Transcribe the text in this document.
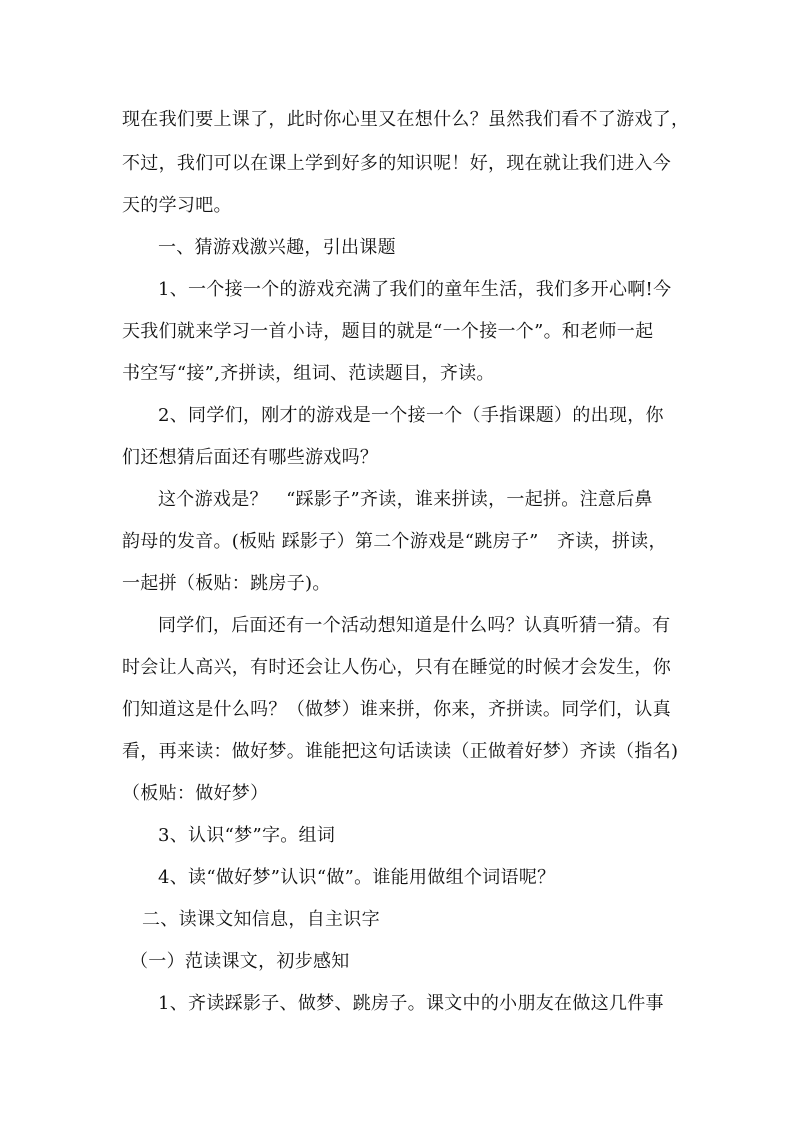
现在我们要上课了，此时你心里又在想什么？虽然我们看不了游戏了，
不过，我们可以在课上学到好多的知识呢！好，现在就让我们进入今
天的学习吧。
一、猜游戏激兴趣，引出课题
1、一个接一个的游戏充满了我们的童年生活，我们多开心啊!今
天我们就来学习一首小诗，题目的就是“一个接一个”。和老师一起
书空写“接”,齐拼读，组词、范读题目，齐读。
2、同学们，刚才的游戏是一个接一个（手指课题）的出现，你
们还想猜后面还有哪些游戏吗？
这个游戏是？　“踩影子”齐读，谁来拼读，一起拼。注意后鼻
韵母的发音。(板贴 踩影子）第二个游戏是“跳房子”　齐读，拼读，
一起拼（板贴：跳房子)。
同学们，后面还有一个活动想知道是什么吗？认真听猜一猜。有
时会让人高兴，有时还会让人伤心，只有在睡觉的时候才会发生，你
们知道这是什么吗？（做梦）谁来拼，你来，齐拼读。同学们，认真
看，再来读：做好梦。谁能把这句话读读（正做着好梦）齐读（指名)
（板贴：做好梦）
3、认识“梦”字。组词
4、读“做好梦”认识“做”。谁能用做组个词语呢？
二、读课文知信息，自主识字
（一）范读课文，初步感知
1、齐读踩影子、做梦、跳房子。课文中的小朋友在做这几件事
